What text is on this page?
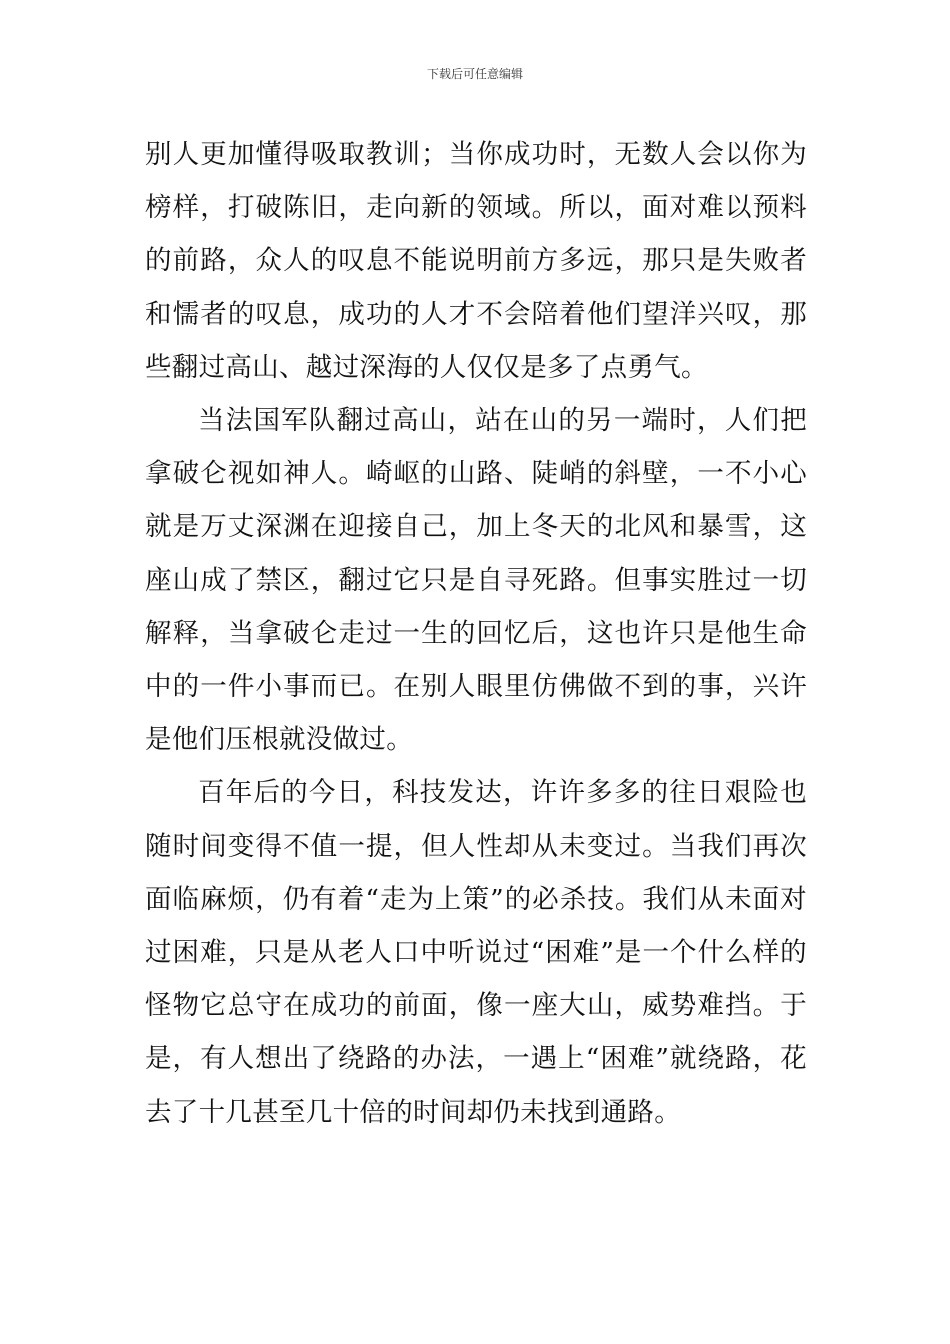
下载后可任意编辑

别人更加懂得吸取教训；当你成功时，无数人会以你为榜样，打破陈旧，走向新的领域。所以，面对难以预料的前路，众人的叹息不能说明前方多远，那只是失败者和懦者的叹息，成功的人才不会陪着他们望洋兴叹，那些翻过高山、越过深海的人仅仅是多了点勇气。

当法国军队翻过高山，站在山的另一端时，人们把拿破仑视如神人。崎岖的山路、陡峭的斜壁，一不小心就是万丈深渊在迎接自己，加上冬天的北风和暴雪，这座山成了禁区，翻过它只是自寻死路。但事实胜过一切解释，当拿破仑走过一生的回忆后，这也许只是他生命中的一件小事而已。在别人眼里仿佛做不到的事，兴许是他们压根就没做过。

百年后的今日，科技发达，许许多多的往日艰险也随时间变得不值一提，但人性却从未变过。当我们再次面临麻烦，仍有着“走为上策”的必杀技。我们从未面对过困难，只是从老人口中听说过“困难”是一个什么样的怪物它总守在成功的前面，像一座大山，威势难挡。于是，有人想出了绕路的办法，一遇上“困难”就绕路，花去了十几甚至几十倍的时间却仍未找到通路。
